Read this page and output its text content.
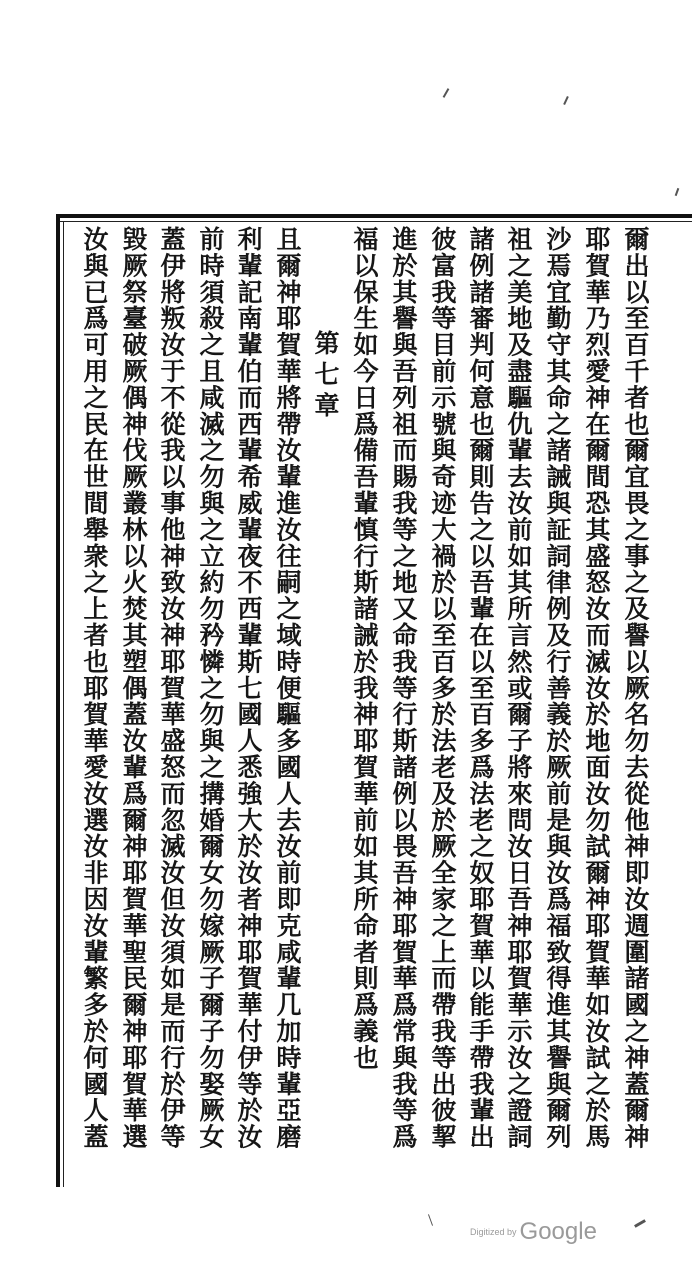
爾出以至百千者也爾宜畏之事之及譽以厥名勿去從他神即汝週圍諸國之神蓋爾神
耶賀華乃烈愛神在爾間恐其盛怒汝而滅汝於地面汝勿試爾神耶賀華如汝試之於馬
沙焉宜勤守其命之諸誡與証詞律例及行善義於厥前是與汝爲福致得進其譽與爾列
祖之美地及盡驅仇輩去汝前如其所言然或爾子將來問汝日吾神耶賀華示汝之證詞
諸例諸審判何意也爾則告之以吾輩在以至百多爲法老之奴耶賀華以能手帶我輩出
彼富我等目前示號與奇迹大禍於以至百多於法老及於厥全家之上而帶我等出彼挈
進於其譽與吾列祖而賜我等之地又命我等行斯諸例以畏吾神耶賀華爲常與我等爲
福以保生如今日爲備吾輩慎行斯諸誡於我神耶賀華前如其所命者則爲義也
第七章
且爾神耶賀華將帶汝輩進汝往嗣之域時便驅多國人去汝前即克咸輩几加時輩亞磨
利輩記南輩伯而西輩希威輩夜不西輩斯七國人悉強大於汝者神耶賀華付伊等於汝
前時須殺之且咸滅之勿與之立約勿矜憐之勿與之搆婚爾女勿嫁厥子爾子勿娶厥女
蓋伊將叛汝于不從我以事他神致汝神耶賀華盛怒而忽滅汝但汝須如是而行於伊等
毀厥祭臺破厥偶神伐厥叢林以火焚其塑偶蓋汝輩爲爾神耶賀華聖民爾神耶賀華選
汝與已爲可用之民在世間舉衆之上者也耶賀華愛汝選汝非因汝輩繁多於何國人蓋
Digitized by Google
